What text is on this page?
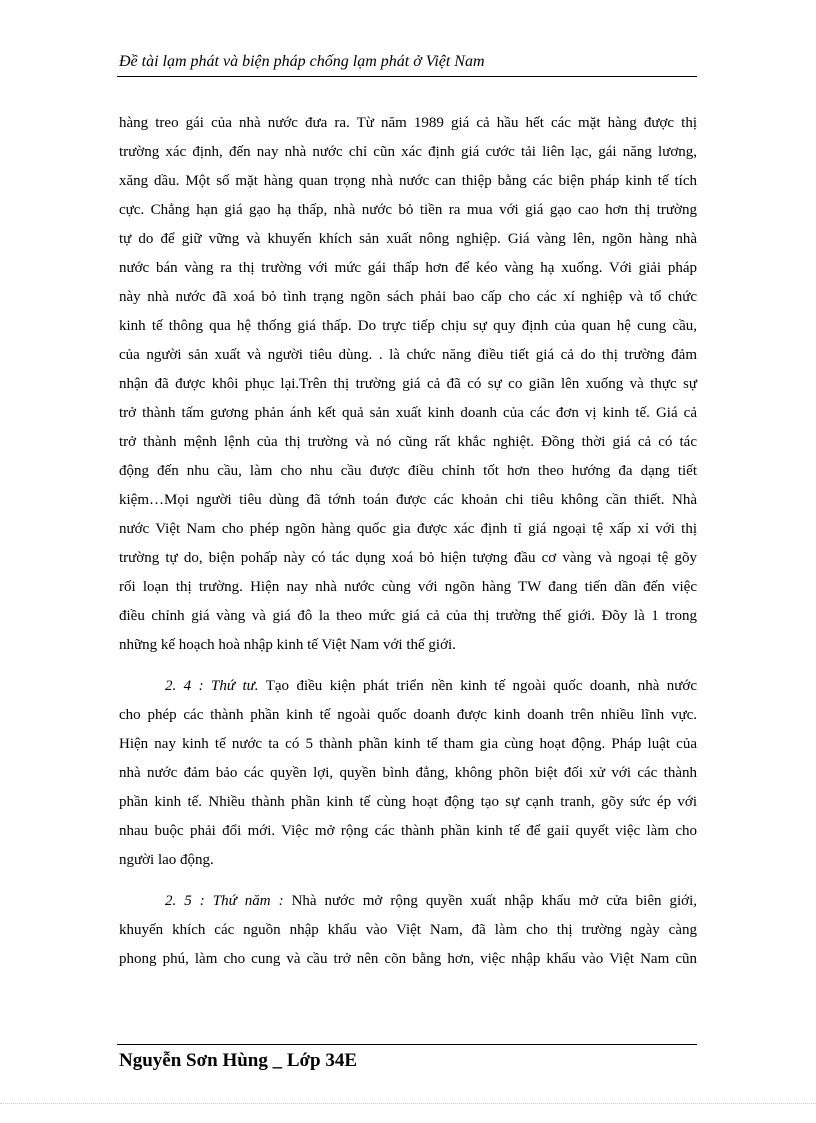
Đề tài lạm phát và biện pháp chống lạm phát ở Việt Nam
hàng treo gái của nhà nước đưa ra. Từ năm 1989 giá cả hầu hết các mặt hàng được thị
trường xác định, đến nay nhà nước chỉ cũn xác định giá cước tải liên lạc, gái năng lương,
xăng dầu. Một số mặt hàng quan trọng nhà nước can thiệp bằng các biện pháp kinh tế tích
cực. Chẳng hạn giá gạo hạ thấp, nhà nước bỏ tiền ra mua với giá gạo cao hơn thị trường
tự do để giữ vững và khuyến khích sản xuất nông nghiệp. Giá vàng lên, ngõn hàng nhà
nước bán vàng ra thị trường với mức gái thấp hơn để kéo vàng hạ xuống. Với giải pháp
này nhà nước đã xoá bỏ tình trạng ngõn sách phải bao cấp cho các xí nghiệp và tổ chức
kinh tế thông qua hệ thống giá thấp. Do trực tiếp chịu sự quy định của quan hệ cung cầu,
của người sản xuất và người tiêu dùng. . là chức năng điều tiết giá cả do thị trường đảm
nhận đã được khôi phục lại.Trên thị trường giá cả đã có sự co giãn lên xuống và thực sự
trở thành tấm gương phản ánh kết quả sản xuất kinh doanh của các đơn vị kinh tế. Giá cả
trở thành mệnh lệnh của thị trường và nó cũng rất khắc nghiệt. Đồng thời giá cả có tác
động đến nhu cầu, làm cho nhu cầu được điều chỉnh tốt hơn theo hướng đa dạng tiết
kiệm…Mọi người tiêu dùng đã tớnh toán được các khoản chi tiêu không cần thiết. Nhà
nước Việt Nam cho phép ngõn hàng quốc gia được xác định tỉ giá ngoại tệ xấp xỉ với thị
trường tự do, biện pohấp này có tác dụng xoá bỏ hiện tượng đầu cơ vàng và ngoại tệ gõy
rối loạn thị trường. Hiện nay nhà nước cùng với ngõn hàng TW đang tiến dần đến việc
điều chỉnh giá vàng và giá đô la theo mức giá cả của thị trường thế giới. Đõy là 1 trong
những kế hoạch hoà nhập kinh tế Việt Nam với thế giới.
2. 4 : Thứ tư. Tạo điều kiện phát triển nền kinh tế ngoài quốc doanh, nhà nước
cho phép các thành phần kinh tế ngoài quốc doanh được kinh doanh trên nhiều lĩnh vực.
Hiện nay kinh tế nước ta có 5 thành phần kinh tế tham gia cùng hoạt động. Pháp luật của
nhà nước đảm bảo các quyền lợi, quyền bình đẳng, không phõn biệt đối xử với các thành
phần kinh tế. Nhiều thành phần kinh tế cùng hoạt động tạo sự cạnh tranh, gõy sức ép với
nhau buộc phải đổi mới. Việc mở rộng các thành phần kinh tế để gaiỉ quyết việc làm cho
người lao động.
2. 5 : Thứ năm : Nhà nước mở rộng quyền xuất nhập khẩu mở cửa biên giới,
khuyến khích các nguồn nhập khẩu vào Việt Nam, đã làm cho thị trường ngày càng
phong phú, làm cho cung và cầu trở nên cõn bằng hơn, việc nhập khẩu vào Việt Nam cũn
Nguyễn Sơn Hùng _ Lớp 34E
